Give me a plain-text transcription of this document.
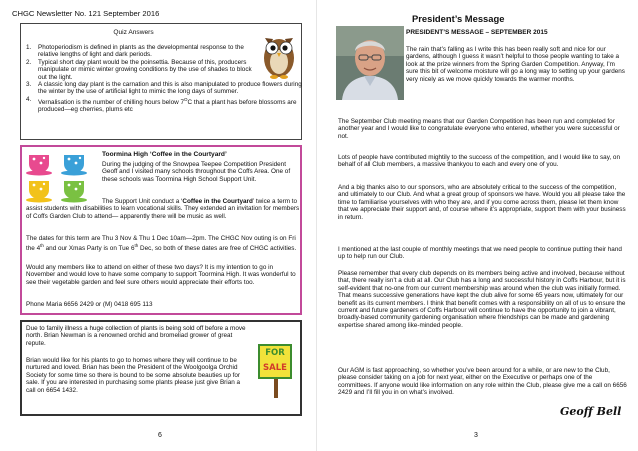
CHGC Newsletter No. 121 September 2016
Quiz Answers
1. Photoperiodism is defined in plants as the developmental response to the relative lengths of light and dark periods.
2. Typical short day plant would be the poinsettia. Because of this, producers manipulate or mimic winter growing conditions by the use of shades to block out the light.
3. A classic long day plant is the carnation and this is also manipulated to produce flowers during the winter by the use of artificial light to mimic the long days of summer.
4. Vernalisation is the number of chilling hours below $7^OC$ that a plant has before blossoms are produced—eg cherries, plums etc
Toormina High ‘Coffee in the Courtyard’

During the judging of the Snowpea Teepee Competition President Geoff and I visited many schools throughout the Coffs Area. One of these schools was Toormina High School Support Unit.

The Support Unit conduct a ‘Coffee in the Courtyard’ twice a term to assist students with disabilities to learn vocational skills. They extended an invitation for members of Coffs Garden Club to attend— apparently there will be music as well.

The dates for this term are Thu 3 Nov & Thu 1 Dec 10am—2pm. The CHGC Nov outing is on Fri the 4th and our Xmas Party is on Tue 6th Dec, so both of these dates are free of CHGC activities.

Would any members like to attend on either of these two days? It is my intention to go in November and would love to have some company to support Toormina High. It was wonderful to see their vegetable garden and feel sure others would appreciate their efforts too.

Phone Maria 6656 2429 or (M) 0418 695 113

Due to family illness a huge collection of plants is being sold off before a move north. Brian Newman is a renowned orchid and bromeliad grower of great repute.

Brian would like for his plants to go to homes where they will continue to be nurtured and loved. Brian has been the President of the Woolgoolga Orchid Society for some time so there is bound to be some absolute beauties up for sale. If you are interested in purchasing some plants please just give Brian a call on 6654 1432.

FOR
SALE
6
President’s Message
PRESIDENT’S MESSAGE – SEPTEMBER 2015

The rain that’s falling as I write this has been really soft and nice for our gardens, although I guess it wasn’t helpful to those people wanting to take a look at the prize winners from the Spring Garden Competition. Anyway, I’m sure this bit of welcome moisture will go a long way to setting up your gardens very nicely as we move quickly towards the warmer months.

The September Club meeting means that our Garden Competition has been run and completed for another year and I would like to congratulate everyone who entered, whether you were successful or not.

Lots of people have contributed mightily to the success of the competition, and I would like to say, on behalf of all Club members, a massive thankyou to each and every one of you.

And a big thanks also to our sponsors, who are absolutely critical to the success of the competition, and ultimately to our Club. And what a great group of sponsors we have. Would you all please take the time to familiarise yourselves with who they are, and if you come across them, please let them know that we appreciate their support and, of course where it’s appropriate, support them with your business in return.

I mentioned at the last couple of monthly meetings that we need people to continue putting their hand up to help run our Club.

Please remember that every club depends on its members being active and involved, because without that, there really isn’t a club at all. Our Club has a long and successful history in Coffs Harbour, but it is self-evident that no-one from our current membership was around when the club was initially formed. That means successive generations have kept the club alive for some 65 years now, ultimately for our benefit as its current members. I think that benefit comes with a responsibility on all of us to ensure the current and future gardeners of Coffs Harbour will continue to have the opportunity to join a vibrant, broadly-based community gardening organisation where friendships can be made and gardening expertise shared among like-minded people.

Our AGM is fast approaching, so whether you’ve been around for a while, or are new to the Club, please consider taking on a job for next year, either on the Executive or perhaps one of the committees. If anyone would like information on any role within the Club, please give me a call on 6656 2429 and I’ll fill you in on what’s involved.

Geoff Bell
3
